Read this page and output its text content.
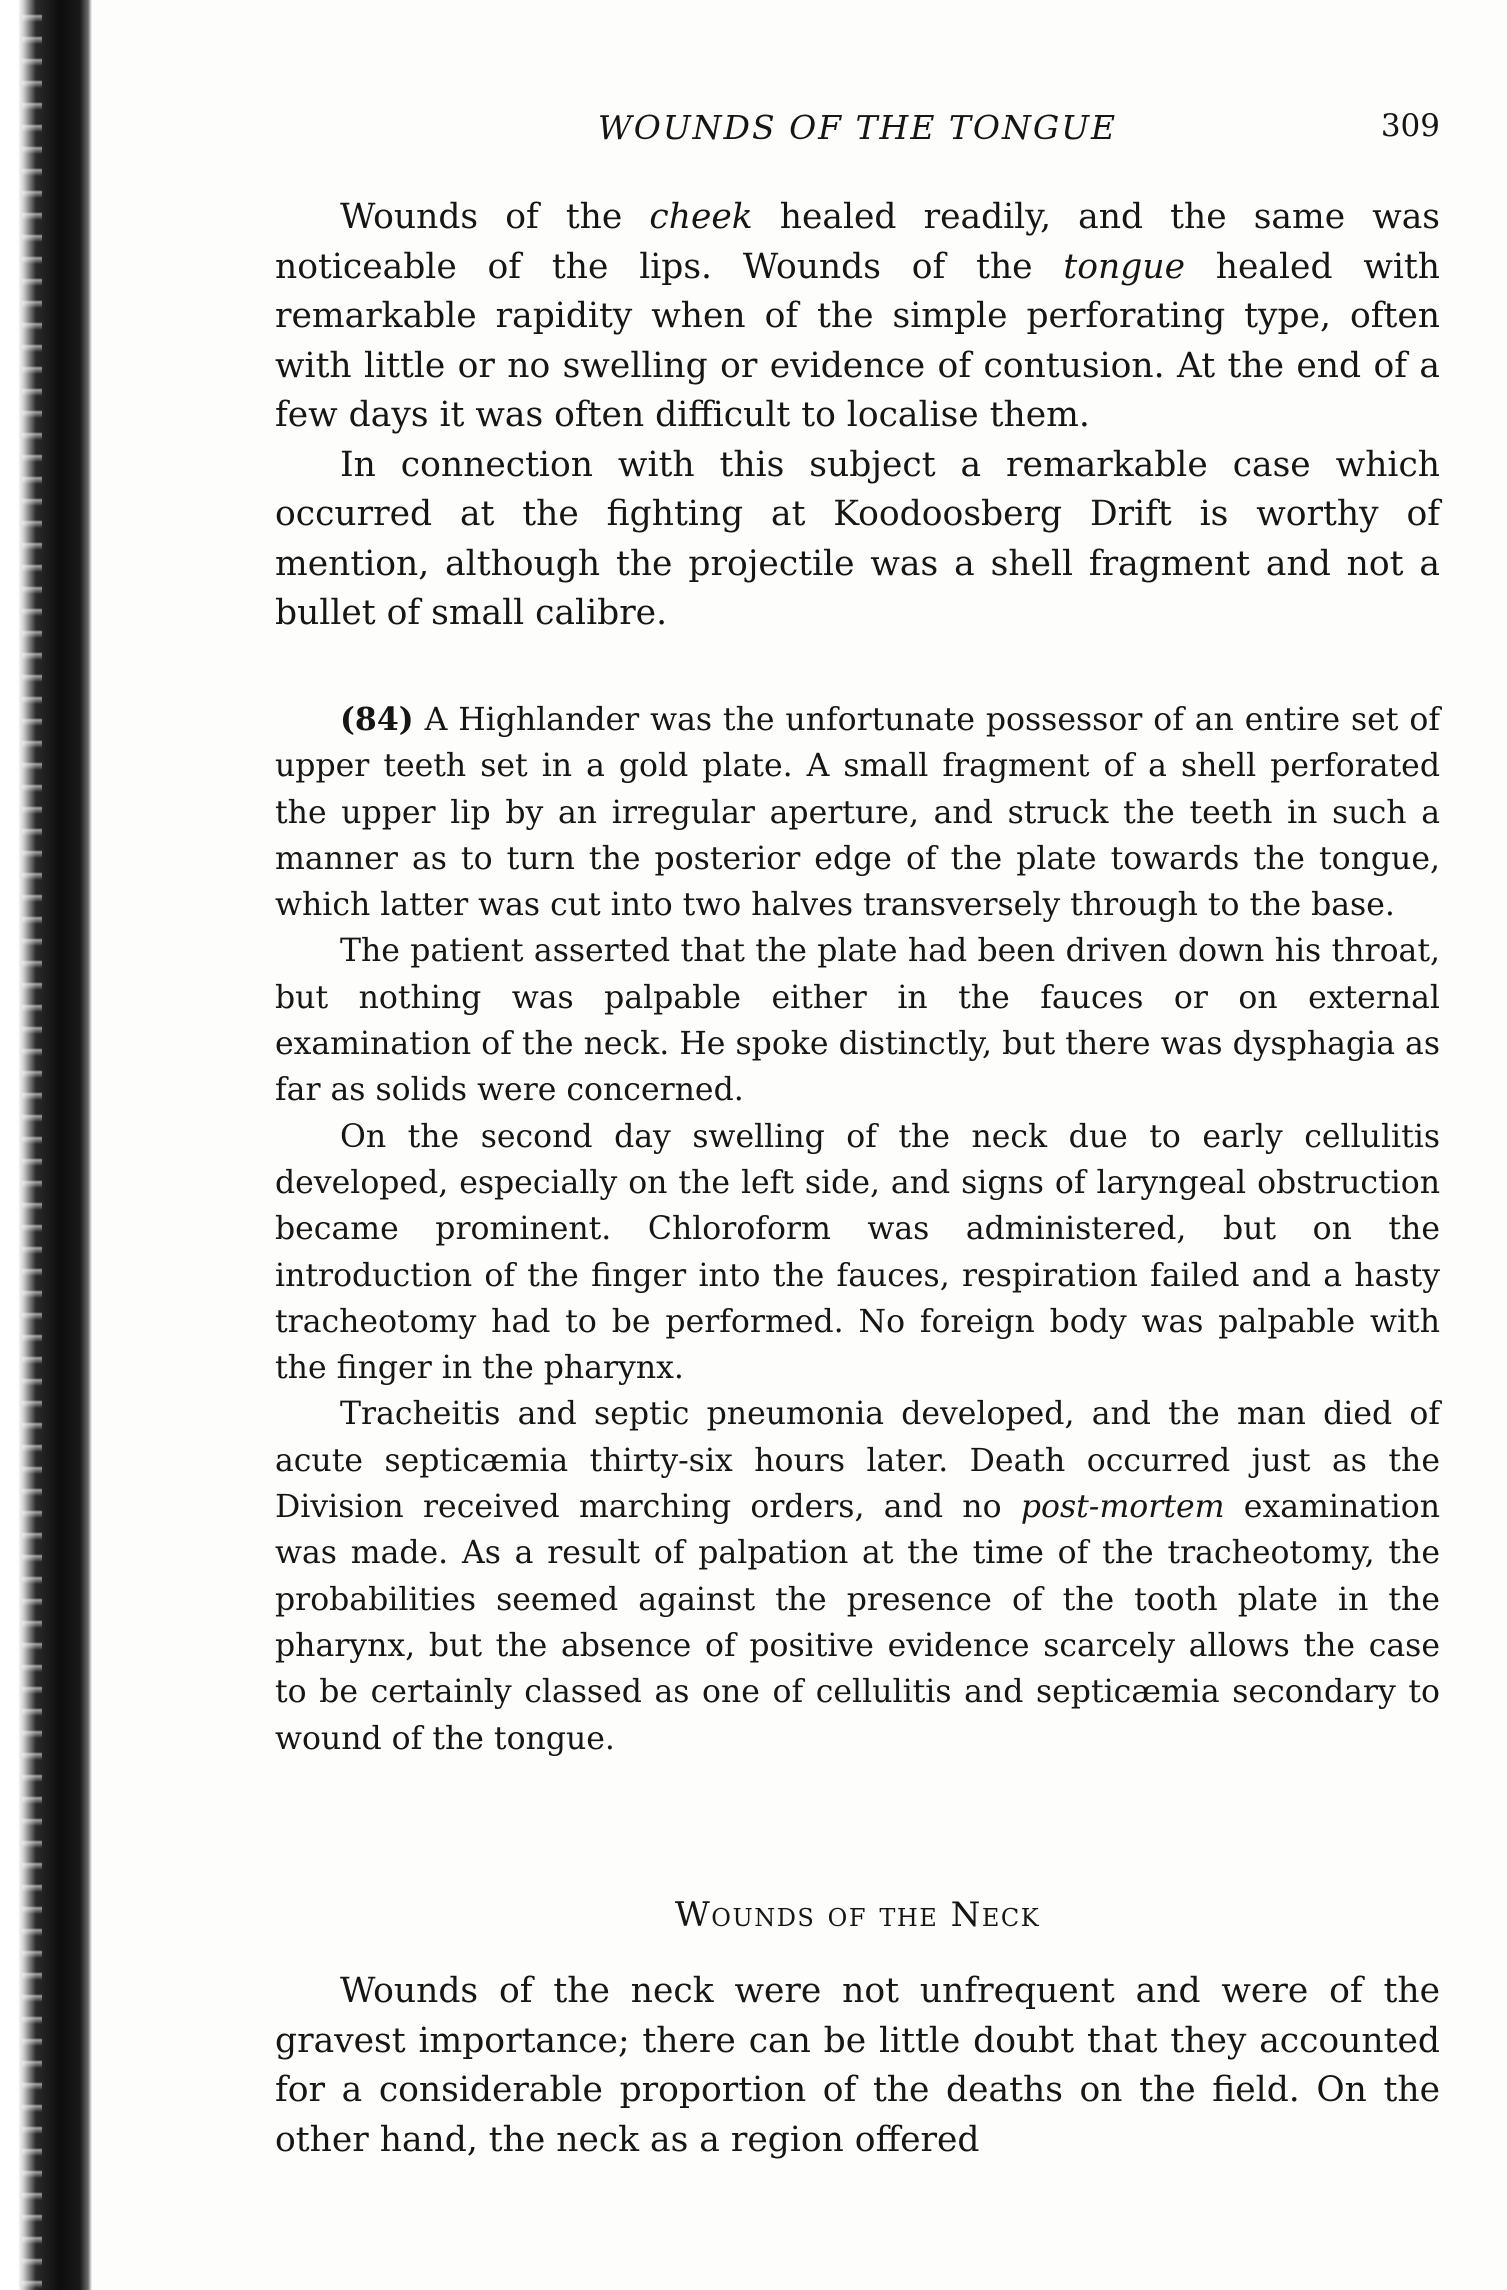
WOUNDS OF THE TONGUE	309

Wounds of the cheek healed readily, and the same was noticeable of the lips. Wounds of the tongue healed with remarkable rapidity when of the simple perforating type, often with little or no swelling or evidence of contusion. At the end of a few days it was often difficult to localise them.

In connection with this subject a remarkable case which occurred at the fighting at Koodoosberg Drift is worthy of mention, although the projectile was a shell fragment and not a bullet of small calibre.

(84) A Highlander was the unfortunate possessor of an entire set of upper teeth set in a gold plate. A small fragment of a shell perforated the upper lip by an irregular aperture, and struck the teeth in such a manner as to turn the posterior edge of the plate towards the tongue, which latter was cut into two halves transversely through to the base.

The patient asserted that the plate had been driven down his throat, but nothing was palpable either in the fauces or on external examination of the neck. He spoke distinctly, but there was dysphagia as far as solids were concerned.

On the second day swelling of the neck due to early cellulitis developed, especially on the left side, and signs of laryngeal obstruction became prominent. Chloroform was administered, but on the introduction of the finger into the fauces, respiration failed and a hasty tracheotomy had to be performed. No foreign body was palpable with the finger in the pharynx.

Tracheitis and septic pneumonia developed, and the man died of acute septicæmia thirty-six hours later. Death occurred just as the Division received marching orders, and no post-mortem examination was made. As a result of palpation at the time of the tracheotomy, the probabilities seemed against the presence of the tooth plate in the pharynx, but the absence of positive evidence scarcely allows the case to be certainly classed as one of cellulitis and septicæmia secondary to wound of the tongue.

Wounds of the Neck

Wounds of the neck were not unfrequent and were of the gravest importance; there can be little doubt that they accounted for a considerable proportion of the deaths on the field. On the other hand, the neck as a region offered
